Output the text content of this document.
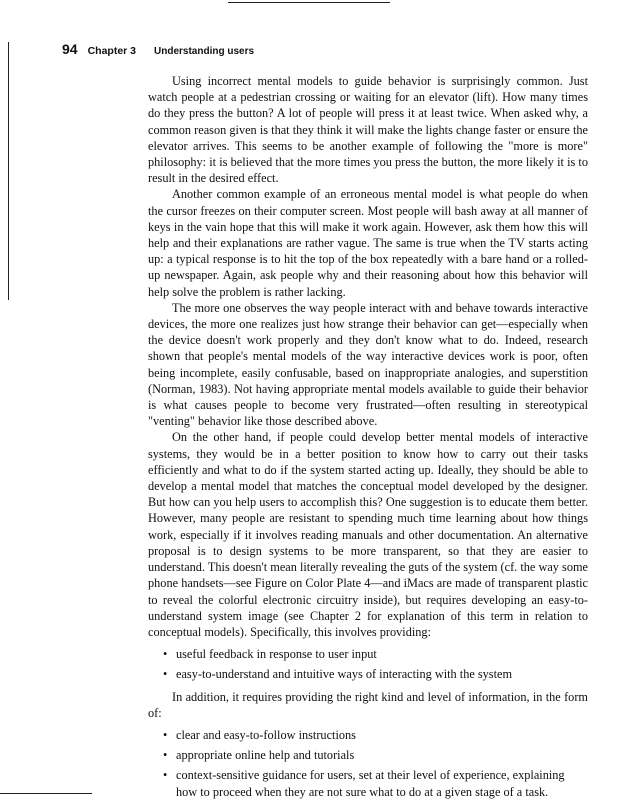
94 Chapter 3 Understanding users

Using incorrect mental models to guide behavior is surprisingly common. Just watch people at a pedestrian crossing or waiting for an elevator (lift). How many times do they press the button? A lot of people will press it at least twice. When asked why, a common reason given is that they think it will make the lights change faster or ensure the elevator arrives. This seems to be another example of following the "more is more" philosophy: it is believed that the more times you press the button, the more likely it is to result in the desired effect.

Another common example of an erroneous mental model is what people do when the cursor freezes on their computer screen. Most people will bash away at all manner of keys in the vain hope that this will make it work again. However, ask them how this will help and their explanations are rather vague. The same is true when the TV starts acting up: a typical response is to hit the top of the box repeatedly with a bare hand or a rolled-up newspaper. Again, ask people why and their reasoning about how this behavior will help solve the problem is rather lacking.

The more one observes the way people interact with and behave towards interactive devices, the more one realizes just how strange their behavior can get—especially when the device doesn't work properly and they don't know what to do. Indeed, research shown that people's mental models of the way interactive devices work is poor, often being incomplete, easily confusable, based on inappropriate analogies, and superstition (Norman, 1983). Not having appropriate mental models available to guide their behavior is what causes people to become very frustrated—often resulting in stereotypical "venting" behavior like those described above.

On the other hand, if people could develop better mental models of interactive systems, they would be in a better position to know how to carry out their tasks efficiently and what to do if the system started acting up. Ideally, they should be able to develop a mental model that matches the conceptual model developed by the designer. But how can you help users to accomplish this? One suggestion is to educate them better. However, many people are resistant to spending much time learning about how things work, especially if it involves reading manuals and other documentation. An alternative proposal is to design systems to be more transparent, so that they are easier to understand. This doesn't mean literally revealing the guts of the system (cf. the way some phone handsets—see Figure on Color Plate 4—and iMacs are made of transparent plastic to reveal the colorful electronic circuitry inside), but requires developing an easy-to-understand system image (see Chapter 2 for explanation of this term in relation to conceptual models). Specifically, this involves providing:

• useful feedback in response to user input
• easy-to-understand and intuitive ways of interacting with the system

In addition, it requires providing the right kind and level of information, in the form of:

• clear and easy-to-follow instructions
• appropriate online help and tutorials
• context-sensitive guidance for users, set at their level of experience, explaining how to proceed when they are not sure what to do at a given stage of a task.
